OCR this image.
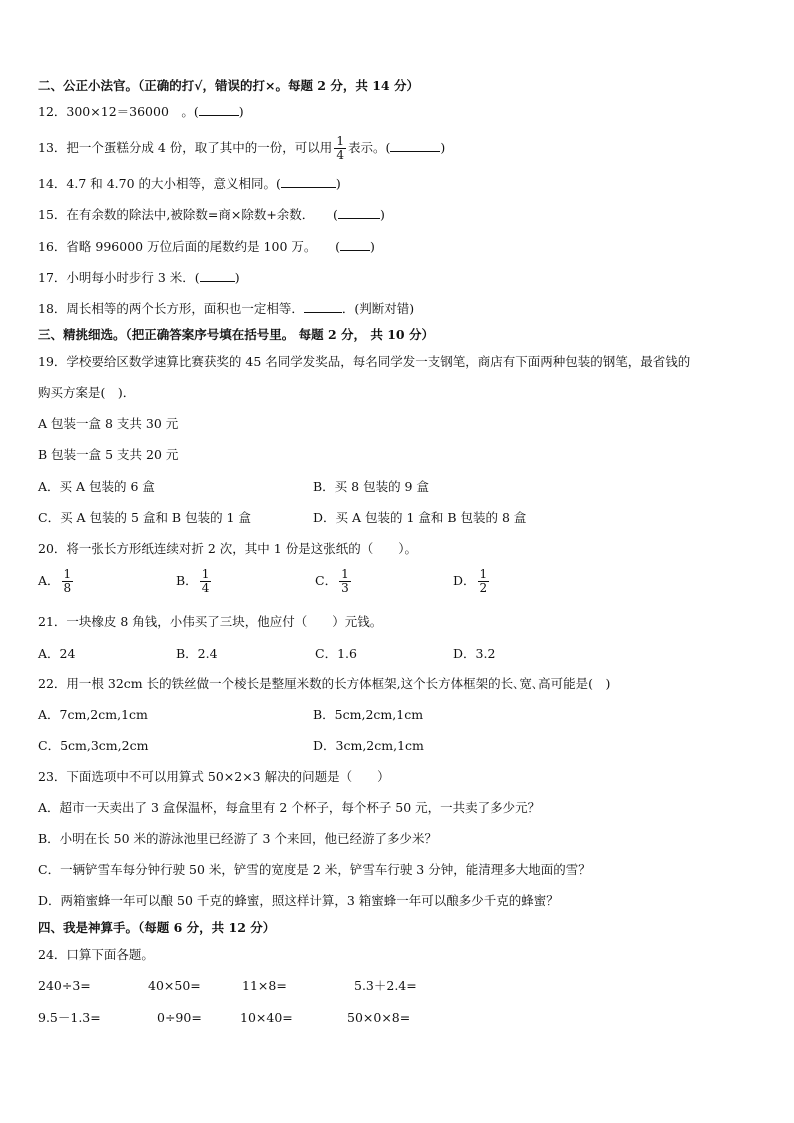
二、公正小法官。（正确的打√，错误的打×。每题 2 分，共 14 分）
12．300×12＝36000　。(	)
13．把一个蛋糕分成 4 份，取了其中的一份，可以用 $\frac{1}{4}$ 表示。(	)
14．4.7 和 4.70 的大小相等，意义相同。(	)
15．在有余数的除法中,被除数=商×除数+余数．　　(	)
16．省略 996000 万位后面的尾数约是 100 万。　　( )
17．小明每小时步行 3 米．(	)
18．周长相等的两个长方形，面积也一定相等．	．(判断对错)
三、精挑细选。（把正确答案序号填在括号里。 每题 2 分， 共 10 分）
19．学校要给区数学速算比赛获奖的 45 名同学发奖品，每名同学发一支钢笔，商店有下面两种包装的钢笔，最省钱的
购买方案是(　)．
A 包装一盒 8 支共 30 元
B 包装一盒 5 支共 20 元
A．买 A 包装的 6 盒	B．买 8 包装的 9 盒
C．买 A 包装的 5 盒和 B 包装的 1 盒	D．买 A 包装的 1 盒和 B 包装的 8 盒
20．将一张长方形纸连续对折 2 次，其中 1 份是这张纸的（　　）。
A． $\frac{1}{8}$	B． $\frac{1}{4}$	C． $\frac{1}{3}$	D． $\frac{1}{2}$
21．一块橡皮 8 角钱，小伟买了三块，他应付（　　）元钱。
A．24	B．2.4	C．1.6	D．3.2
22．用一根 32cm 长的铁丝做一个棱长是整厘米数的长方体框架,这个长方体框架的长､宽､高可能是(　)
A．7cm,2cm,1cm	B．5cm,2cm,1cm
C．5cm,3cm,2cm	D．3cm,2cm,1cm
23．下面选项中不可以用算式 50×2×3 解决的问题是（　　）
A．超市一天卖出了 3 盒保温杯，每盒里有 2 个杯子，每个杯子 50 元，一共卖了多少元？
B．小明在长 50 米的游泳池里已经游了 3 个来回，他已经游了多少米？
C．一辆铲雪车每分钟行驶 50 米，铲雪的宽度是 2 米，铲雪车行驶 3 分钟，能清理多大地面的雪？
D．两箱蜜蜂一年可以酿 50 千克的蜂蜜，照这样计算，3 箱蜜蜂一年可以酿多少千克的蜂蜜？
四、我是神算手。（每题 6 分，共 12 分）
24．口算下面各题。
240÷3=	40×50=	11×8=	5.3＋2.4=
9.5－1.3=	0÷90=	10×40=	50×0×8=
